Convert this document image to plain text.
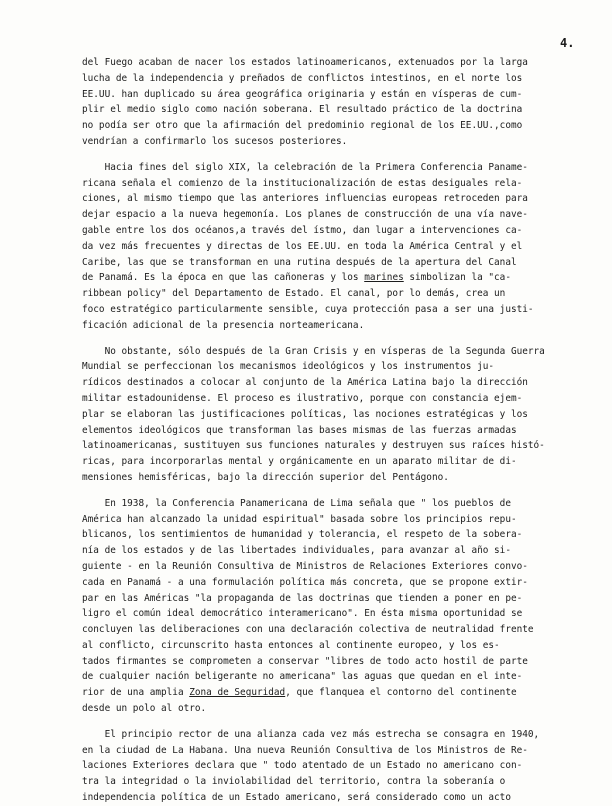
4.
del Fuego acaban de nacer los estados latinoamericanos, extenuados por la larga
lucha de la independencia y preñados de conflictos intestinos, en el norte los
EE.UU. han duplicado su área geográfica originaria y están en vísperas de cum-
plir el medio siglo como nación soberana. El resultado práctico de la doctrina
no podía ser otro que la afirmación del predominio regional de los EE.UU.,como
vendrían a confirmarlo los sucesos posteriores.
Hacia fines del siglo XIX, la celebración de la Primera Conferencia Paname-
ricana señala el comienzo de la institucionalización de estas desiguales rela-
ciones, al mismo tiempo que las anteriores influencias europeas retroceden para
dejar espacio a la nueva hegemonía. Los planes de construcción de una vía nave-
gable entre los dos océanos,a través del ístmo, dan lugar a intervenciones ca-
da vez más frecuentes y directas de los EE.UU. en toda la América Central y el
Caribe, las que se transforman en una rutina después de la apertura del Canal
de Panamá. Es la época en que las cañoneras y los marines simbolizan la "ca-
ribbean policy" del Departamento de Estado. El canal, por lo demás, crea un
foco estratégico particularmente sensible, cuya protección pasa a ser una justi-
ficación adicional de la presencia norteamericana.
No obstante, sólo después de la Gran Crisis y en vísperas de la Segunda Guerra
Mundial se perfeccionan los mecanismos ideológicos y los instrumentos ju-
rídicos destinados a colocar al conjunto de la América Latina bajo la dirección
militar estadounidense. El proceso es ilustrativo, porque con constancia ejem-
plar se elaboran las justificaciones políticas, las nociones estratégicas y los
elementos ideológicos que transforman las bases mismas de las fuerzas armadas
latinoamericanas, sustituyen sus funciones naturales y destruyen sus raíces histó-
ricas, para incorporarlas mental y orgánicamente en un aparato militar de di-
mensiones hemisféricas, bajo la dirección superior del Pentágono.
En 1938, la Conferencia Panamericana de Lima señala que " los pueblos de
América han alcanzado la unidad espiritual" basada sobre los principios repu-
blicanos, los sentimientos de humanidad y tolerancia, el respeto de la sobera-
nía de los estados y de las libertades individuales, para avanzar al año si-
guiente - en la Reunión Consultiva de Ministros de Relaciones Exteriores convo-
cada en Panamá - a una formulación política más concreta, que se propone extir-
par en las Américas "la propaganda de las doctrinas que tienden a poner en pe-
ligro el común ideal democrático interamericano". En ésta misma oportunidad se
concluyen las deliberaciones con una declaración colectiva de neutralidad frente
al conflicto, circunscrito hasta entonces al continente europeo, y los es-
tados firmantes se comprometen a conservar "libres de todo acto hostil de parte
de cualquier nación beligerante no americana" las aguas que quedan en el inte-
rior de una amplia Zona de Seguridad, que flanquea el contorno del continente
desde un polo al otro.
El principio rector de una alianza cada vez más estrecha se consagra en 1940,
en la ciudad de La Habana. Una nueva Reunión Consultiva de los Ministros de Re-
laciones Exteriores declara que " todo atentado de un Estado no americano con-
tra la integridad o la inviolabilidad del territorio, contra la soberanía o
independencia política de un Estado americano, será considerado como un acto
